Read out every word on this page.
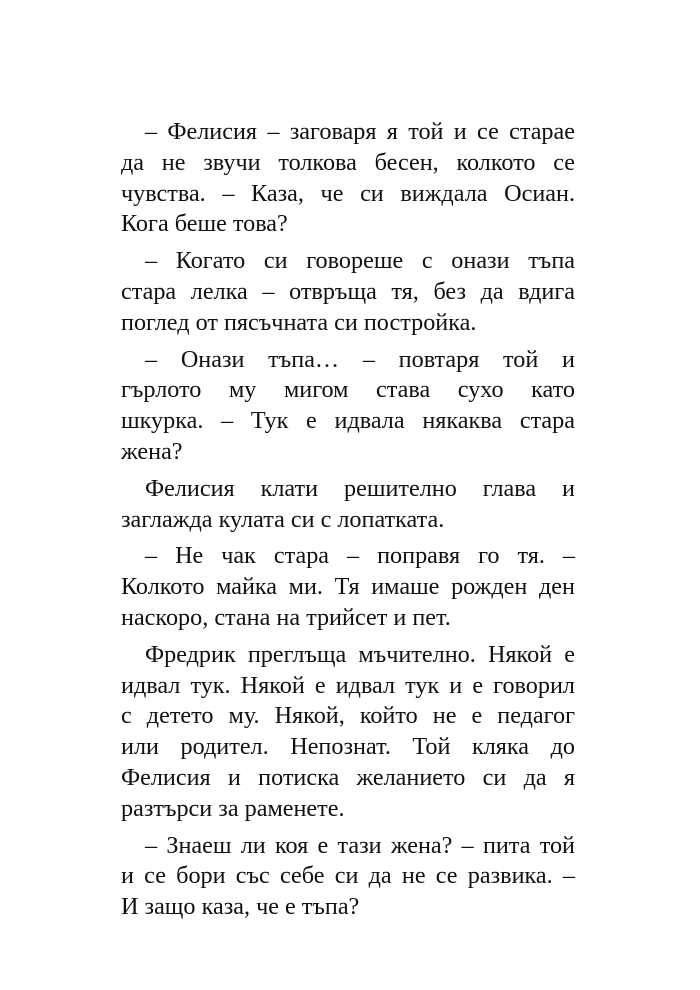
– Фелисия – заговаря я той и се старае
да не звучи толкова бесен, колкото се
чувства. – Каза, че си виждала Осиан.
Кога беше това?
– Когато си говореше с онази тъпа
стара лелка – отвръща тя, без да вдига
поглед от пясъчната си постройка.
– Онази тъпа… – повтаря той и
гърлото му мигом става сухо като
шкурка. – Тук е идвала някаква стара
жена?
Фелисия клати решително глава и
заглажда кулата си с лопатката.
– Не чак стара – поправя го тя. –
Колкото майка ми. Тя имаше рожден ден
наскоро, стана на трийсет и пет.
Фредрик преглъща мъчително. Някой е
идвал тук. Някой е идвал тук и е говорил
с детето му. Някой, който не е педагог
или родител. Непознат. Той кляка до
Фелисия и потиска желанието си да я
разтърси за раменете.
– Знаеш ли коя е тази жена? – пита той
и се бори със себе си да не се развика. –
И защо каза, че е тъпа?
